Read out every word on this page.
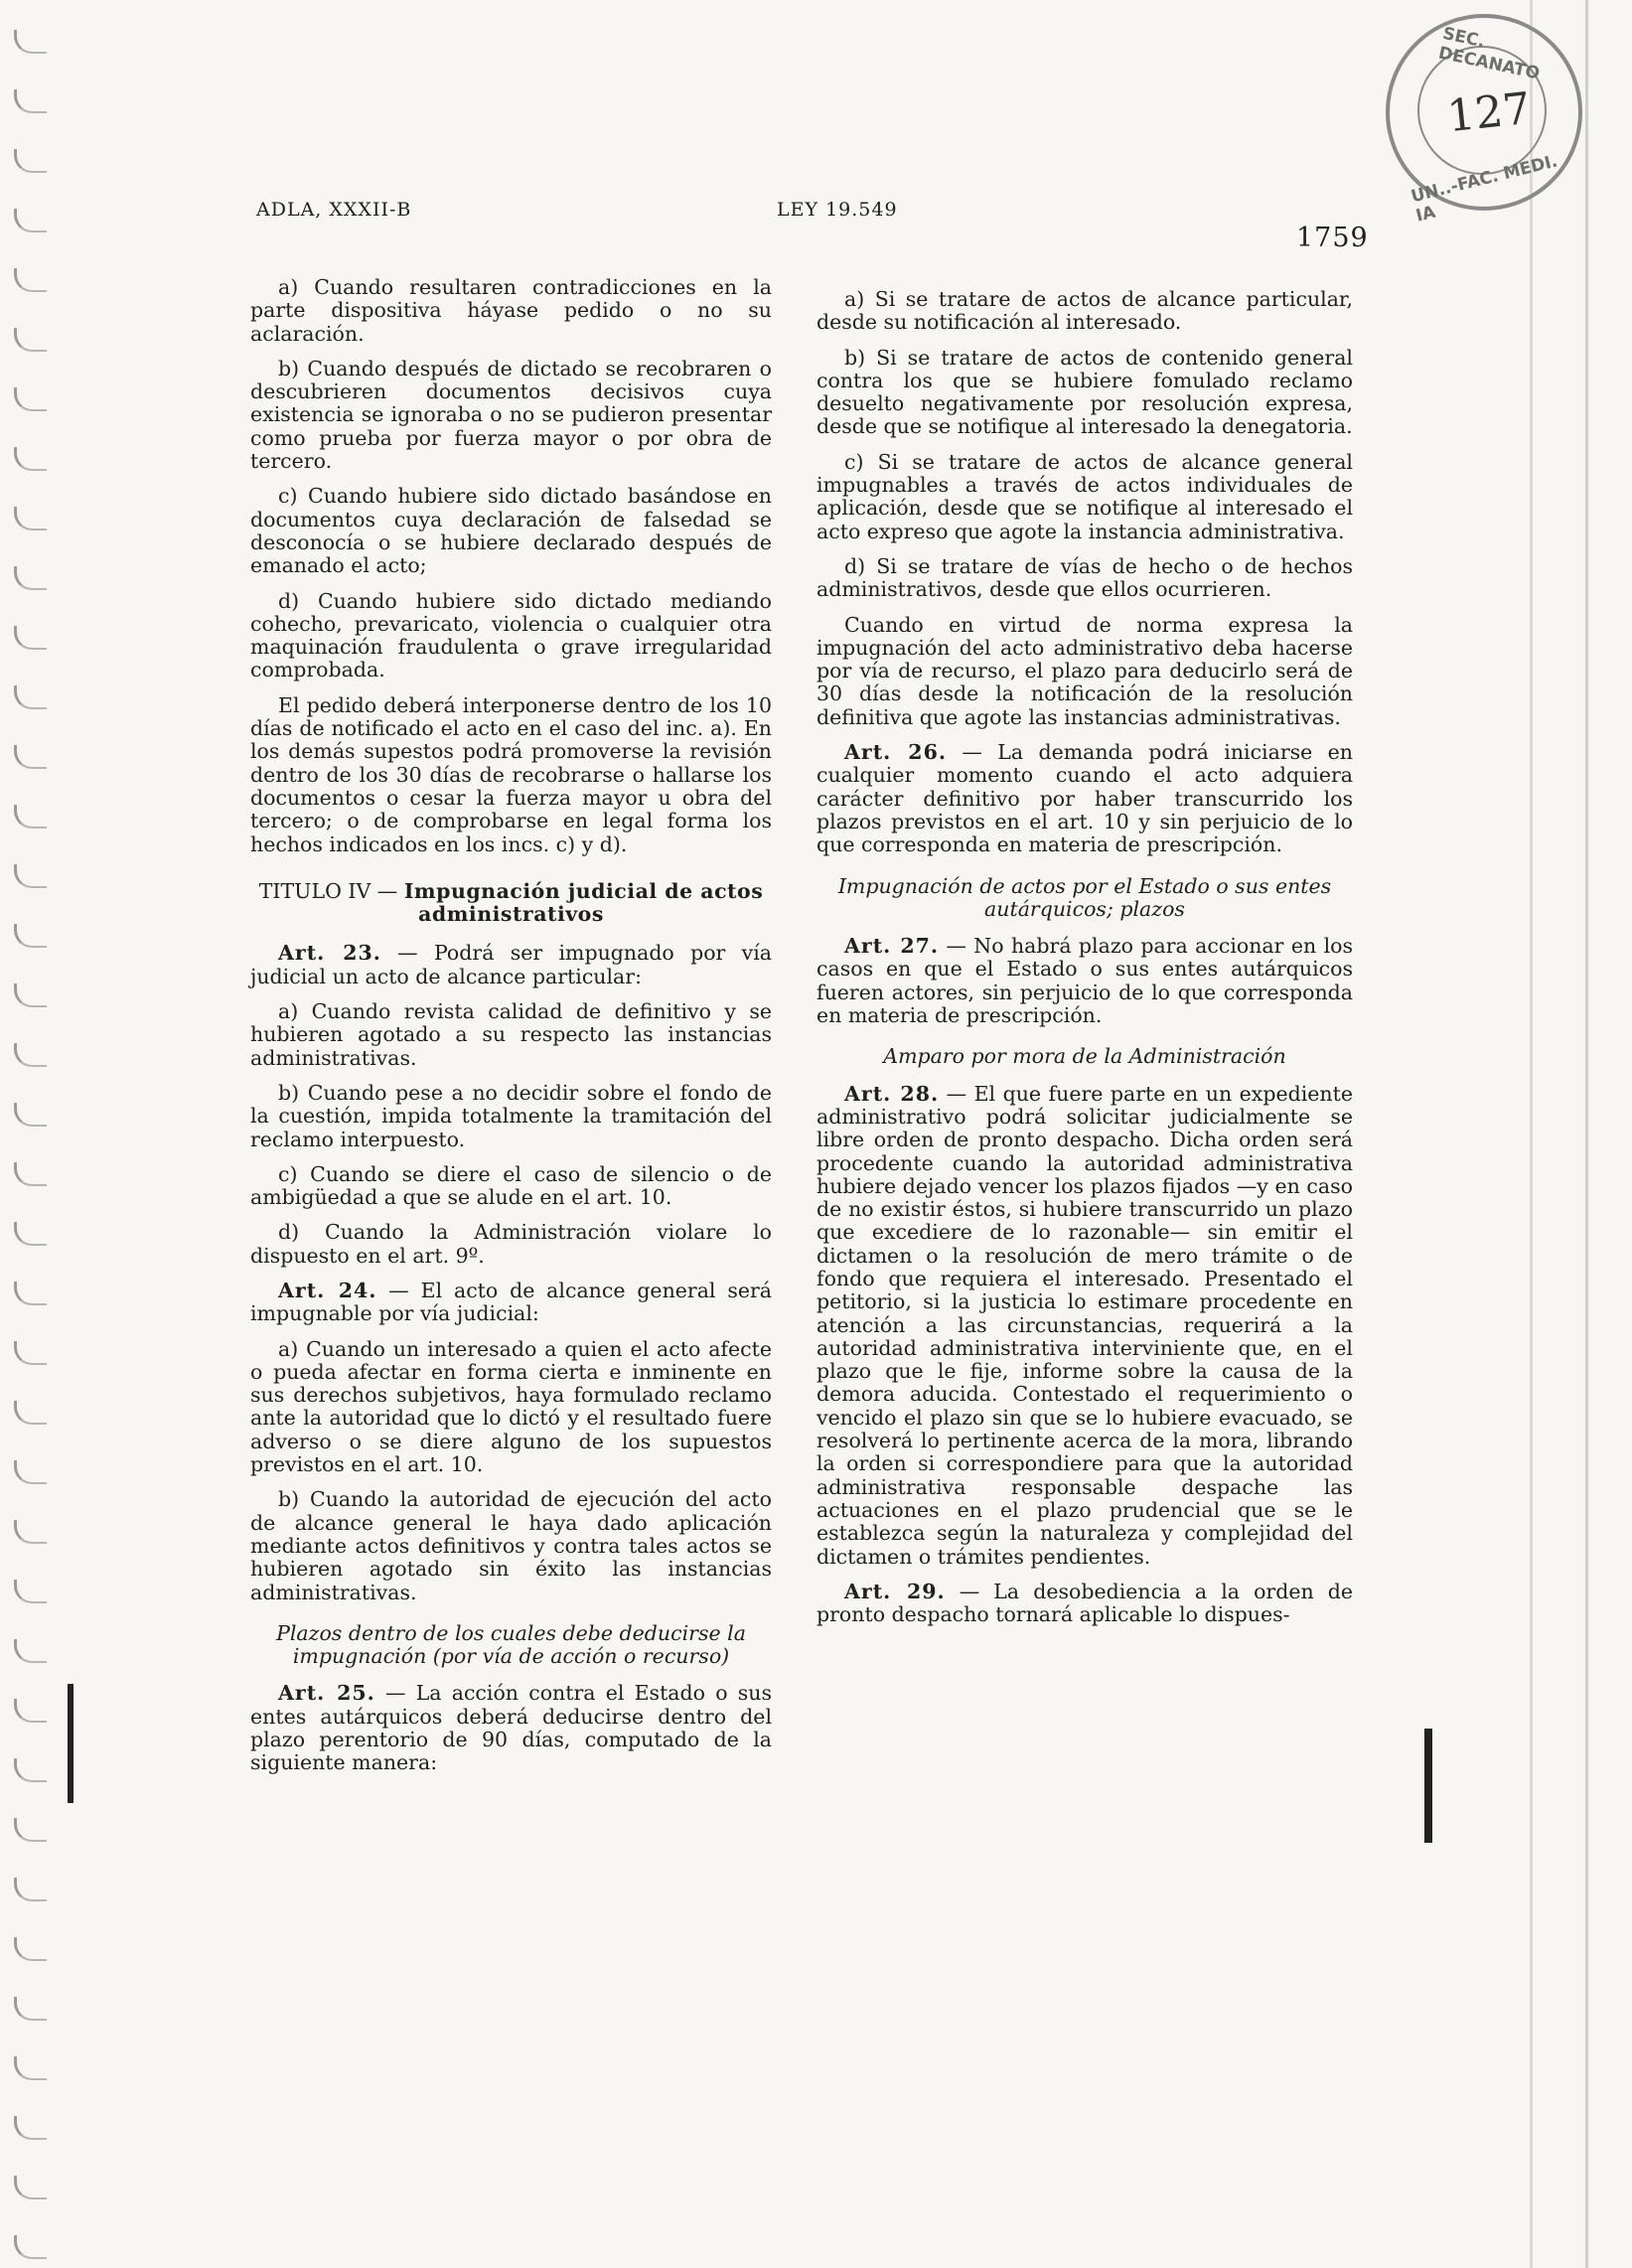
SEC. DECANATO
UN..-FAC. MEDI. IA
127
ADLA, XXXII-B	LEY 19.549
1759

a) Cuando resultaren contradicciones en la parte dispositiva háyase pedido o no su aclaración.

b) Cuando después de dictado se recobraren o descubrieren documentos decisivos cuya existencia se ignoraba o no se pudieron presentar como prueba por fuerza mayor o por obra de tercero.

c) Cuando hubiere sido dictado basándose en documentos cuya declaración de falsedad se desconocía o se hubiere declarado después de emanado el acto;

d) Cuando hubiere sido dictado mediando cohecho, prevaricato, violencia o cualquier otra maquinación fraudulenta o grave irregularidad comprobada.

El pedido deberá interponerse dentro de los 10 días de notificado el acto en el caso del inc. a). En los demás supestos podrá promoverse la revisión dentro de los 30 días de recobrarse o hallarse los documentos o cesar la fuerza mayor u obra del tercero; o de comprobarse en legal forma los hechos indicados en los incs. c) y d).

TITULO IV — Impugnación judicial de actos administrativos

Art. 23. — Podrá ser impugnado por vía judicial un acto de alcance particular:

a) Cuando revista calidad de definitivo y se hubieren agotado a su respecto las instancias administrativas.

b) Cuando pese a no decidir sobre el fondo de la cuestión, impida totalmente la tramitación del reclamo interpuesto.

c) Cuando se diere el caso de silencio o de ambigüedad a que se alude en el art. 10.

d) Cuando la Administración violare lo dispuesto en el art. 9º.

Art. 24. — El acto de alcance general será impugnable por vía judicial:

a) Cuando un interesado a quien el acto afecte o pueda afectar en forma cierta e inminente en sus derechos subjetivos, haya formulado reclamo ante la autoridad que lo dictó y el resultado fuere adverso o se diere alguno de los supuestos previstos en el art. 10.

b) Cuando la autoridad de ejecución del acto de alcance general le haya dado aplicación mediante actos definitivos y contra tales actos se hubieren agotado sin éxito las instancias administrativas.

Plazos dentro de los cuales debe deducirse la impugnación (por vía de acción o recurso)

Art. 25. — La acción contra el Estado o sus entes autárquicos deberá deducirse dentro del plazo perentorio de 90 días, computado de la siguiente manera:

a) Si se tratare de actos de alcance particular, desde su notificación al interesado.

b) Si se tratare de actos de contenido general contra los que se hubiere fomulado reclamo desuelto negativamente por resolución expresa, desde que se notifique al interesado la denegatoria.

c) Si se tratare de actos de alcance general impugnables a través de actos individuales de aplicación, desde que se notifique al interesado el acto expreso que agote la instancia administrativa.

d) Si se tratare de vías de hecho o de hechos administrativos, desde que ellos ocurrieren.

Cuando en virtud de norma expresa la impugnación del acto administrativo deba hacerse por vía de recurso, el plazo para deducirlo será de 30 días desde la notificación de la resolución definitiva que agote las instancias administrativas.

Art. 26. — La demanda podrá iniciarse en cualquier momento cuando el acto adquiera carácter definitivo por haber transcurrido los plazos previstos en el art. 10 y sin perjuicio de lo que corresponda en materia de prescripción.

Impugnación de actos por el Estado o sus entes autárquicos; plazos

Art. 27. — No habrá plazo para accionar en los casos en que el Estado o sus entes autárquicos fueren actores, sin perjuicio de lo que corresponda en materia de prescripción.

Amparo por mora de la Administración

Art. 28. — El que fuere parte en un expediente administrativo podrá solicitar judicialmente se libre orden de pronto despacho. Dicha orden será procedente cuando la autoridad administrativa hubiere dejado vencer los plazos fijados —y en caso de no existir éstos, si hubiere transcurrido un plazo que excediere de lo razonable— sin emitir el dictamen o la resolución de mero trámite o de fondo que requiera el interesado. Presentado el petitorio, si la justicia lo estimare procedente en atención a las circunstancias, requerirá a la autoridad administrativa interviniente que, en el plazo que le fije, informe sobre la causa de la demora aducida. Contestado el requerimiento o vencido el plazo sin que se lo hubiere evacuado, se resolverá lo pertinente acerca de la mora, librando la orden si correspondiere para que la autoridad administrativa responsable despache las actuaciones en el plazo prudencial que se le establezca según la naturaleza y complejidad del dictamen o trámites pendientes.

Art. 29. — La desobediencia a la orden de pronto despacho tornará aplicable lo dispues-
